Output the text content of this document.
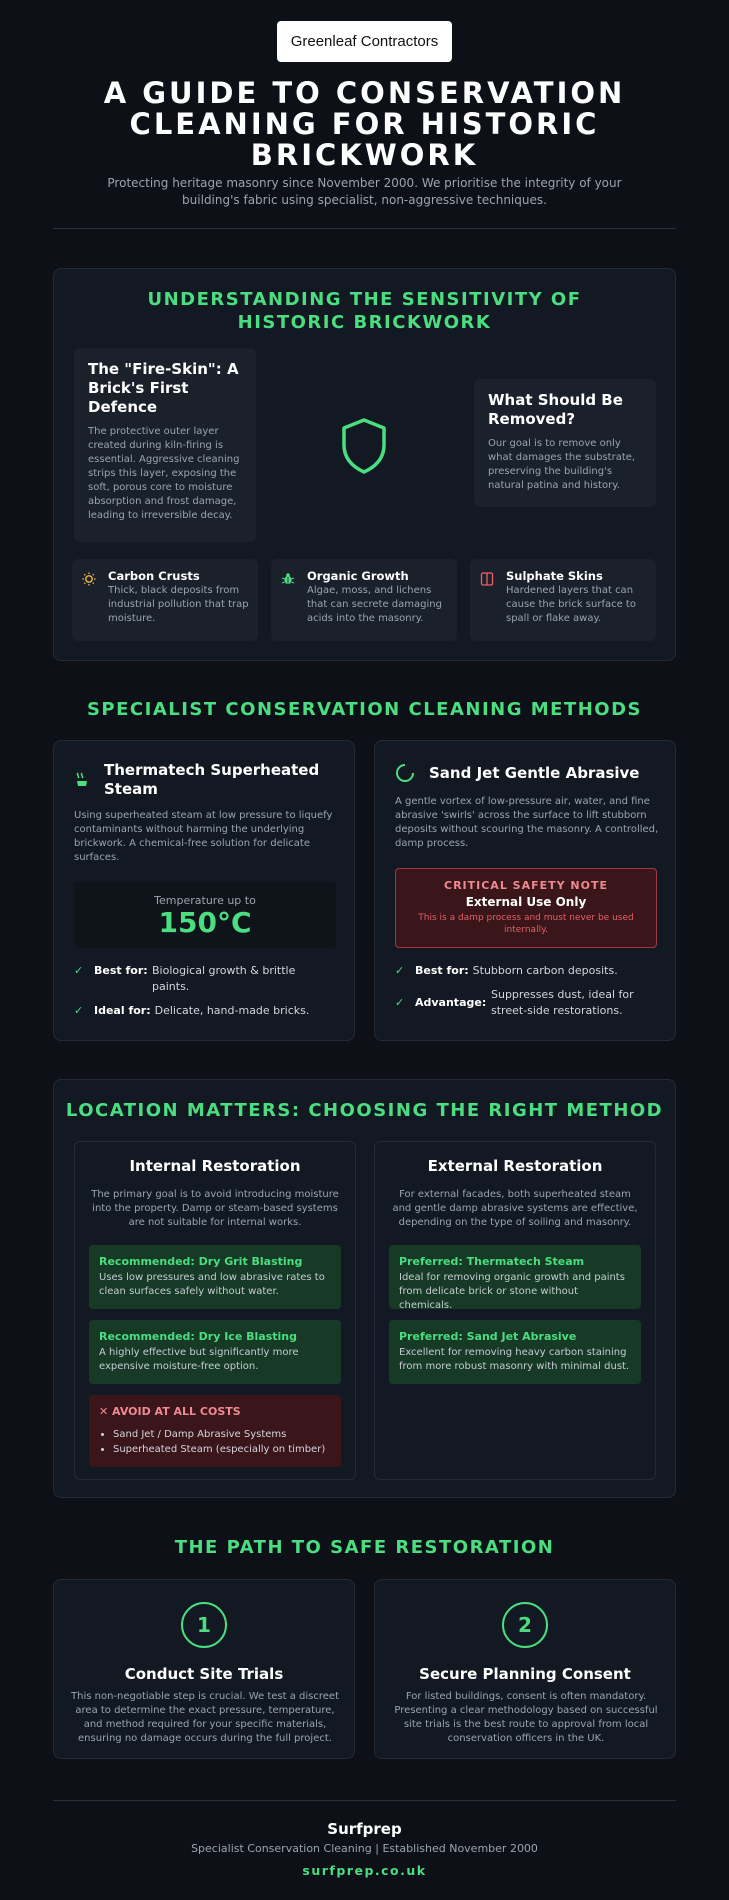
Greenleaf Contractors
A GUIDE TO CONSERVATION CLEANING FOR HISTORIC BRICKWORK
Protecting heritage masonry since November 2000. We prioritise the integrity of your building's fabric using specialist, non-aggressive techniques.
UNDERSTANDING THE SENSITIVITY OF HISTORIC BRICKWORK
The "Fire-Skin": A Brick's First Defence

The protective outer layer created during kiln-firing is essential. Aggressive cleaning strips this layer, exposing the soft, porous core to moisture absorption and frost damage, leading to irreversible decay.

What Should Be Removed?

Our goal is to remove only what damages the substrate, preserving the building's natural patina and history.

Carbon Crusts

Thick, black deposits from industrial pollution that trap moisture.

Organic Growth

Algae, moss, and lichens that can secrete damaging acids into the masonry.

Sulphate Skins

Hardened layers that can cause the brick surface to spall or flake away.

SPECIALIST CONSERVATION CLEANING METHODS
Thermatech Superheated Steam

Using superheated steam at low pressure to liquefy contaminants without harming the underlying brickwork. A chemical-free solution for delicate surfaces.

Temperature up to
150°C
✓ Best for: Biological growth & brittle paints.
✓ Ideal for: Delicate, hand-made bricks.
Sand Jet Gentle Abrasive

A gentle vortex of low-pressure air, water, and fine abrasive 'swirls' across the surface to lift stubborn deposits without scouring the masonry. A controlled, damp process.

CRITICAL SAFETY NOTE
External Use Only
This is a damp process and must never be used internally.
✓ Best for: Stubborn carbon deposits.
✓ Advantage:
Suppresses dust, ideal for street-side restorations.
LOCATION MATTERS: CHOOSING THE RIGHT METHOD
Internal Restoration

The primary goal is to avoid introducing moisture into the property. Damp or steam-based systems are not suitable for internal works.

Recommended: Dry Grit Blasting
Uses low pressures and low abrasive rates to clean surfaces safely without water.
Recommended: Dry Ice Blasting
A highly effective but significantly more expensive moisture-free option.
✕ AVOID AT ALL COSTS
• Sand Jet / Damp Abrasive Systems
• Superheated Steam (especially on timber)
External Restoration

For external facades, both superheated steam and gentle damp abrasive systems are effective, depending on the type of soiling and masonry.

Preferred: Thermatech Steam
Ideal for removing organic growth and paints from delicate brick or stone without chemicals.
Preferred: Sand Jet Abrasive
Excellent for removing heavy carbon staining from more robust masonry with minimal dust.
THE PATH TO SAFE RESTORATION
1
Conduct Site Trials

This non-negotiable step is crucial. We test a discreet area to determine the exact pressure, temperature, and method required for your specific materials, ensuring no damage occurs during the full project.

2
Secure Planning Consent

For listed buildings, consent is often mandatory. Presenting a clear methodology based on successful site trials is the best route to approval from local conservation officers in the UK.

Surfprep
Specialist Conservation Cleaning | Established November 2000
surfprep.co.uk
